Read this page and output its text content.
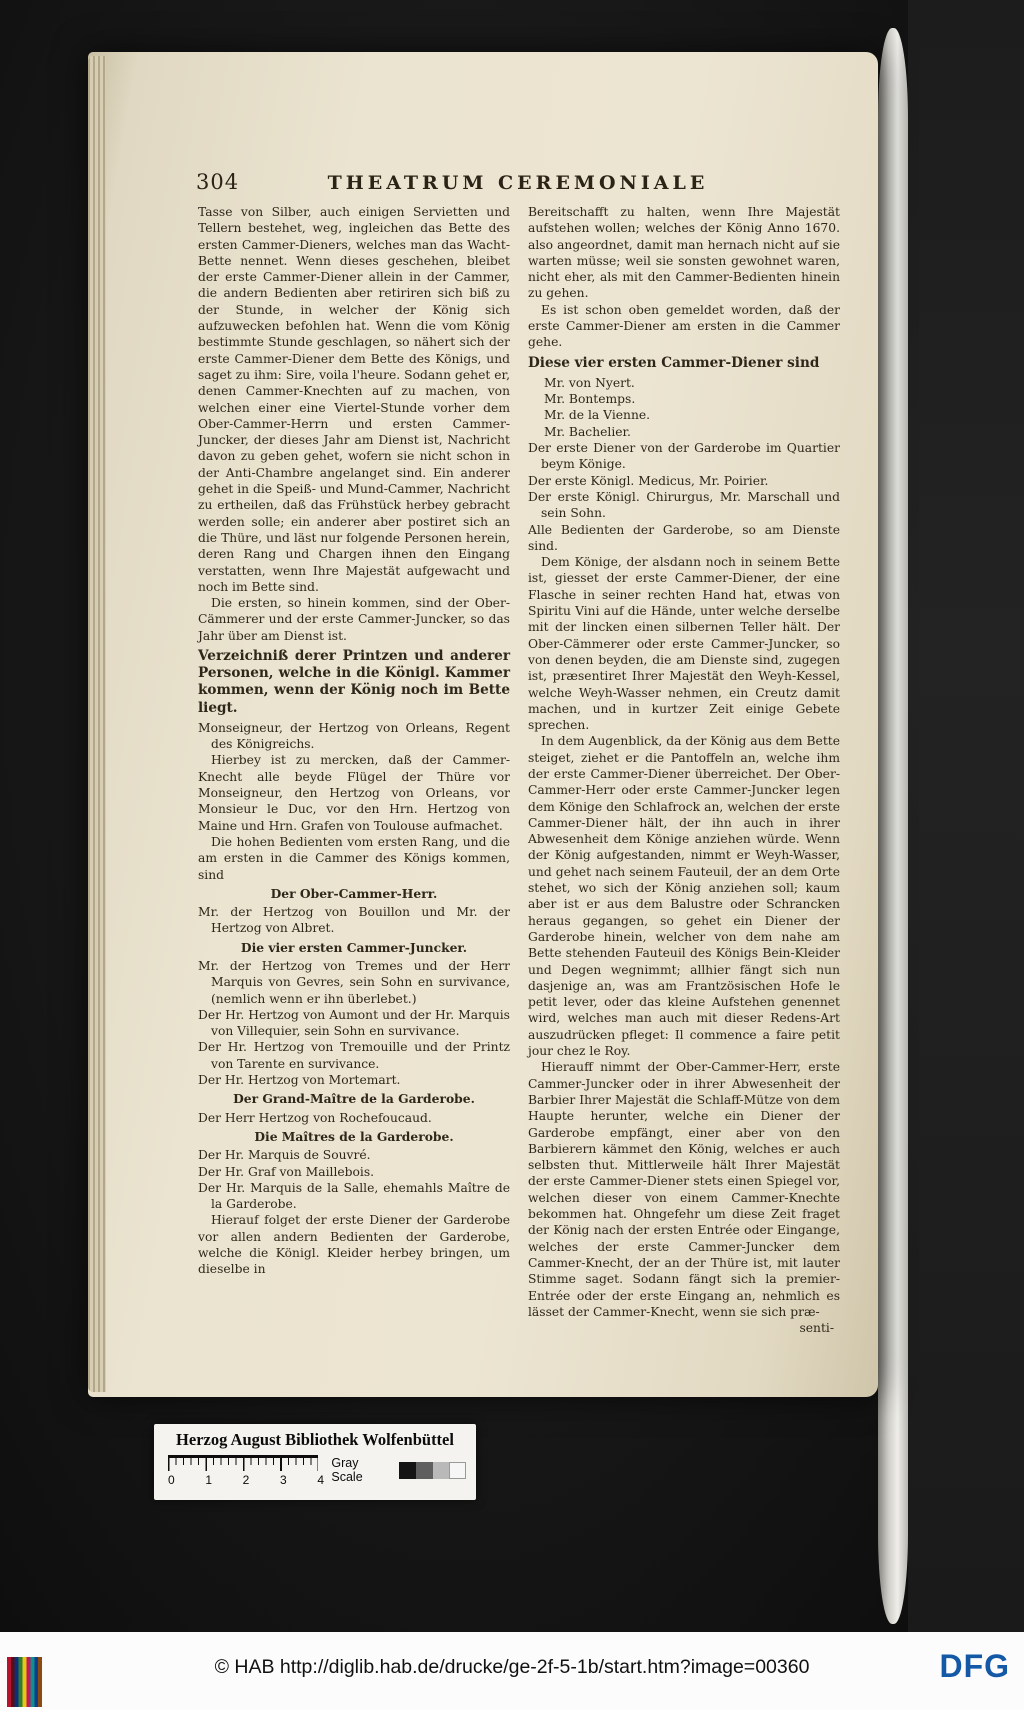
304	THEATRUM CEREMONIALE

Tasse von Silber, auch einigen Servietten und Tellern bestehet, weg, ingleichen das Bette des ersten Cammer-Dieners, welches man das Wacht-Bette nennet. Wenn dieses geschehen, bleibet der erste Cammer-Diener allein in der Cammer, die andern Bedienten aber retiriren sich biß zu der Stunde, in welcher der König sich aufzuwecken befohlen hat. Wenn die vom König bestimmte Stunde geschlagen, so nähert sich der erste Cammer-Diener dem Bette des Königs, und saget zu ihm: Sire, voila l'heure. Sodann gehet er, denen Cammer-Knechten auf zu machen, von welchen einer eine Viertel-Stunde vorher dem Ober-Cammer-Herrn und ersten Cammer-Juncker, der dieses Jahr am Dienst ist, Nachricht davon zu geben gehet, wofern sie nicht schon in der Anti-Chambre angelanget sind. Ein anderer gehet in die Speiß- und Mund-Cammer, Nachricht zu ertheilen, daß das Frühstück herbey gebracht werden solle; ein anderer aber postiret sich an die Thüre, und läst nur folgende Personen herein, deren Rang und Chargen ihnen den Eingang verstatten, wenn Ihre Majestät aufgewacht und noch im Bette sind.

Die ersten, so hinein kommen, sind der Ober-Cämmerer und der erste Cammer-Juncker, so das Jahr über am Dienst ist.

Verzeichniß derer Printzen und anderer Personen, welche in die Königl. Kammer kommen, wenn der König noch im Bette liegt.

Monseigneur, der Hertzog von Orleans, Regent des Königreichs.

Hierbey ist zu mercken, daß der Cammer-Knecht alle beyde Flügel der Thüre vor Monseigneur, den Hertzog von Orleans, vor Monsieur le Duc, vor den Hrn. Hertzog von Maine und Hrn. Grafen von Toulouse aufmachet.

Die hohen Bedienten vom ersten Rang, und die am ersten in die Cammer des Königs kommen, sind

Der Ober-Cammer-Herr.

Mr. der Hertzog von Bouillon und Mr. der Hertzog von Albret.

Die vier ersten Cammer-Juncker.

Mr. der Hertzog von Tremes und der Herr Marquis von Gevres, sein Sohn en survivance, (nemlich wenn er ihn überlebet.)

Der Hr. Hertzog von Aumont und der Hr. Marquis von Villequier, sein Sohn en survivance.

Der Hr. Hertzog von Tremouille und der Printz von Tarente en survivance.

Der Hr. Hertzog von Mortemart.

Der Grand-Maître de la Garderobe.

Der Herr Hertzog von Rochefoucaud.

Die Maîtres de la Garderobe.

Der Hr. Marquis de Souvré.

Der Hr. Graf von Maillebois.

Der Hr. Marquis de la Salle, ehemahls Maître de la Garderobe.

Hierauf folget der erste Diener der Garderobe vor allen andern Bedienten der Garderobe, welche die Königl. Kleider herbey bringen, um dieselbe in

Bereitschafft zu halten, wenn Ihre Majestät aufstehen wollen; welches der König Anno 1670. also angeordnet, damit man hernach nicht auf sie warten müsse; weil sie sonsten gewohnet waren, nicht eher, als mit den Cammer-Bedienten hinein zu gehen.

Es ist schon oben gemeldet worden, daß der erste Cammer-Diener am ersten in die Cammer gehe.

Diese vier ersten Cammer-Diener sind

Mr. von Nyert.

Mr. Bontemps.

Mr. de la Vienne.

Mr. Bachelier.

Der erste Diener von der Garderobe im Quartier beym Könige.

Der erste Königl. Medicus, Mr. Poirier.

Der erste Königl. Chirurgus, Mr. Marschall und sein Sohn.

Alle Bedienten der Garderobe, so am Dienste sind.

Dem Könige, der alsdann noch in seinem Bette ist, giesset der erste Cammer-Diener, der eine Flasche in seiner rechten Hand hat, etwas von Spiritu Vini auf die Hände, unter welche derselbe mit der lincken einen silbernen Teller hält. Der Ober-Cämmerer oder erste Cammer-Juncker, so von denen beyden, die am Dienste sind, zugegen ist, præsentiret Ihrer Majestät den Weyh-Kessel, welche Weyh-Wasser nehmen, ein Creutz damit machen, und in kurtzer Zeit einige Gebete sprechen.

In dem Augenblick, da der König aus dem Bette steiget, ziehet er die Pantoffeln an, welche ihm der erste Cammer-Diener überreichet. Der Ober-Cammer-Herr oder erste Cammer-Juncker legen dem Könige den Schlafrock an, welchen der erste Cammer-Diener hält, der ihn auch in ihrer Abwesenheit dem Könige anziehen würde. Wenn der König aufgestanden, nimmt er Weyh-Wasser, und gehet nach seinem Fauteuil, der an dem Orte stehet, wo sich der König anziehen soll; kaum aber ist er aus dem Balustre oder Schrancken heraus gegangen, so gehet ein Diener der Garderobe hinein, welcher von dem nahe am Bette stehenden Fauteuil des Königs Bein-Kleider und Degen wegnimmt; allhier fängt sich nun dasjenige an, was am Frantzösischen Hofe le petit lever, oder das kleine Aufstehen genennet wird, welches man auch mit dieser Redens-Art auszudrücken pfleget: Il commence a faire petit jour chez le Roy.

Hierauff nimmt der Ober-Cammer-Herr, erste Cammer-Juncker oder in ihrer Abwesenheit der Barbier Ihrer Majestät die Schlaff-Mütze von dem Haupte herunter, welche ein Diener der Garderobe empfängt, einer aber von den Barbierern kämmet den König, welches er auch selbsten thut. Mittlerweile hält Ihrer Majestät der erste Cammer-Diener stets einen Spiegel vor, welchen dieser von einem Cammer-Knechte bekommen hat. Ohngefehr um diese Zeit fraget der König nach der ersten Entrée oder Eingange, welches der erste Cammer-Juncker dem Cammer-Knecht, der an der Thüre ist, mit lauter Stimme saget. Sodann fängt sich la premier-Entrée oder der erste Eingang an, nehmlich es lässet der Cammer-Knecht, wenn sie sich præ-

senti-

Herzog August Bibliothek Wolfenbüttel
0	1	2	3	4
Gray Scale
© HAB http://diglib.hab.de/drucke/ge-2f-5-1b/start.htm?image=00360	DFG
